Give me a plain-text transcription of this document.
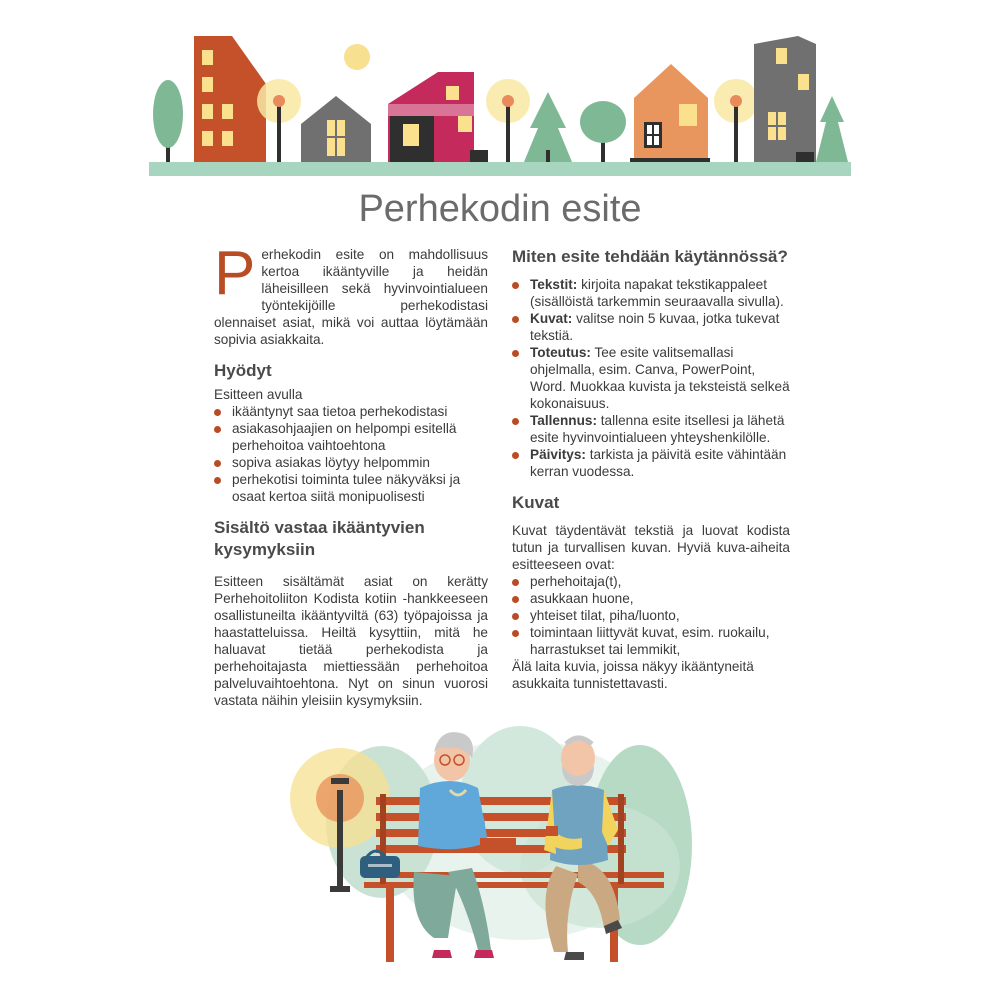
Perhekodin esite

Perhekodin esite on mahdollisuus kertoa ikääntyville ja heidän läheisilleen sekä hyvinvointialueen työntekijöille perhekodistasi olennaiset asiat, mikä voi auttaa löytämään sopivia asiakkaita.

Hyödyt

Esitteen avulla

ikääntynyt saa tietoa perhekodistasi
asiakasohjaajien on helpompi esitellä perhehoitoa vaihtoehtona
sopiva asiakas löytyy helpommin
perhekotisi toiminta tulee näkyväksi ja osaat kertoa siitä monipuolisesti
Sisältö vastaa ikääntyvien kysymyksiin

Esitteen sisältämät asiat on kerätty Perhehoitoliiton Kodista kotiin -hankkeeseen osallistuneilta ikääntyviltä (63) työpajoissa ja haastatteluissa. Heiltä kysyttiin, mitä he haluavat tietää perhekodista ja perhehoitajasta miettiessään perhehoitoa palveluvaihtoehtona. Nyt on sinun vuorosi vastata näihin yleisiin kysymyksiin.

Miten esite tehdään käytännössä?
Tekstit: kirjoita napakat tekstikappaleet (sisällöistä tarkemmin seuraavalla sivulla).
Kuvat: valitse noin 5 kuvaa, jotka tukevat tekstiä.
Toteutus: Tee esite valitsemallasi ohjelmalla, esim. Canva, PowerPoint, Word. Muokkaa kuvista ja teksteistä selkeä kokonaisuus.
Tallennus: tallenna esite itsellesi ja lähetä esite hyvinvointialueen yhteyshenkilölle.
Päivitys: tarkista ja päivitä esite vähintään kerran vuodessa.
Kuvat

Kuvat täydentävät tekstiä ja luovat kodista tutun ja turvallisen kuvan. Hyviä kuva-aiheita esitteeseen ovat:

perhehoitaja(t),
asukkaan huone,
yhteiset tilat, piha/luonto,
toimintaan liittyvät kuvat, esim. ruokailu, harrastukset tai lemmikit,

Älä laita kuvia, joissa näkyy ikääntyneitä asukkaita tunnistettavasti.
